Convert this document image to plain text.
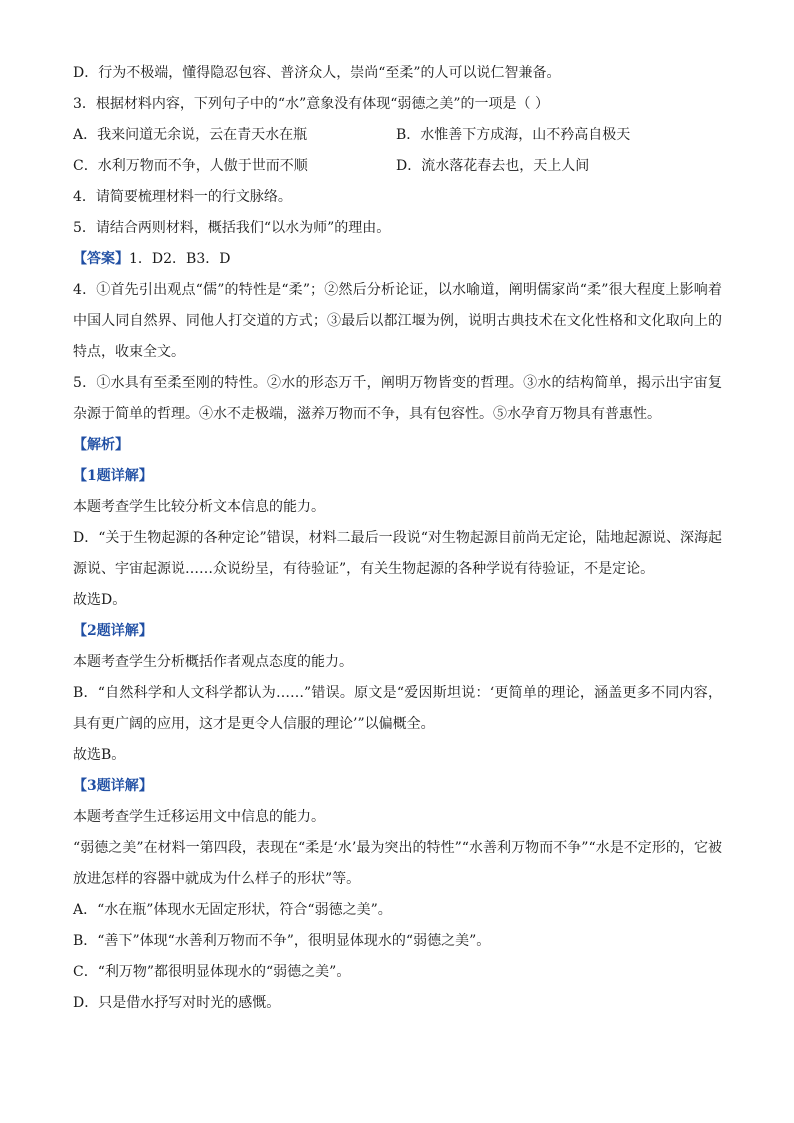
D．行为不极端，懂得隐忍包容、普济众人，崇尚“至柔”的人可以说仁智兼备。

3．根据材料内容，下列句子中的“水”意象没有体现“弱德之美”的一项是（ ）

A．我来问道无余说，云在青天水在瓶	B．水惟善下方成海，山不矜高自极天

C．水利万物而不争，人傲于世而不顺	D．流水落花春去也，天上人间

4．请简要梳理材料一的行文脉络。

5．请结合两则材料，概括我们“以水为师”的理由。

【答案】1．D2．B3．D

4．①首先引出观点“儒”的特性是“柔”；②然后分析论证，以水喻道，阐明儒家尚“柔”很大程度上影响着中国人同自然界、同他人打交道的方式；③最后以都江堰为例，说明古典技术在文化性格和文化取向上的特点，收束全文。

5．①水具有至柔至刚的特性。②水的形态万千，阐明万物皆变的哲理。③水的结构简单，揭示出宇宙复杂源于简单的哲理。④水不走极端，滋养万物而不争，具有包容性。⑤水孕育万物具有普惠性。

【解析】

【1题详解】

本题考查学生比较分析文本信息的能力。

D．“关于生物起源的各种定论”错误，材料二最后一段说“对生物起源目前尚无定论，陆地起源说、深海起源说、宇宙起源说……众说纷呈，有待验证”，有关生物起源的各种学说有待验证，不是定论。

故选D。

【2题详解】

本题考查学生分析概括作者观点态度的能力。

B．“自然科学和人文科学都认为……”错误。原文是“爱因斯坦说：‘更简单的理论，涵盖更多不同内容，具有更广阔的应用，这才是更令人信服的理论’”以偏概全。

故选B。

【3题详解】

本题考查学生迁移运用文中信息的能力。

“弱德之美”在材料一第四段，表现在“柔是‘水’最为突出的特性”“水善利万物而不争”“水是不定形的，它被放进怎样的容器中就成为什么样子的形状”等。

A．“水在瓶”体现水无固定形状，符合“弱德之美”。

B．“善下”体现“水善利万物而不争”，很明显体现水的“弱德之美”。

C．“利万物”都很明显体现水的“弱德之美”。

D．只是借水抒写对时光的感慨。
